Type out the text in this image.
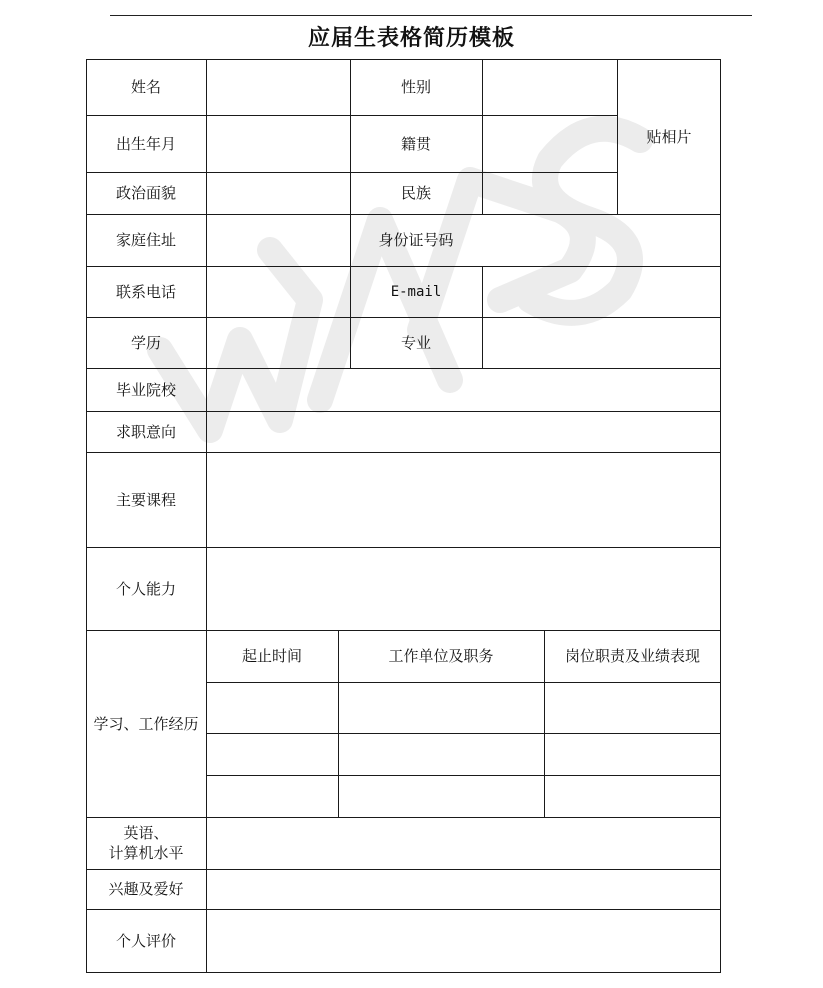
应届生表格简历模板
姓名	性别
贴相片
出生年月	籍贯
政治面貌	民族
家庭住址	身份证号码
联系电话	E-mail
学历	专业
毕业院校
求职意向
主要课程
个人能力
学习、工作经历
起止时间	工作单位及职务	岗位职责及业绩表现
英语、
计算机水平
兴趣及爱好
个人评价
